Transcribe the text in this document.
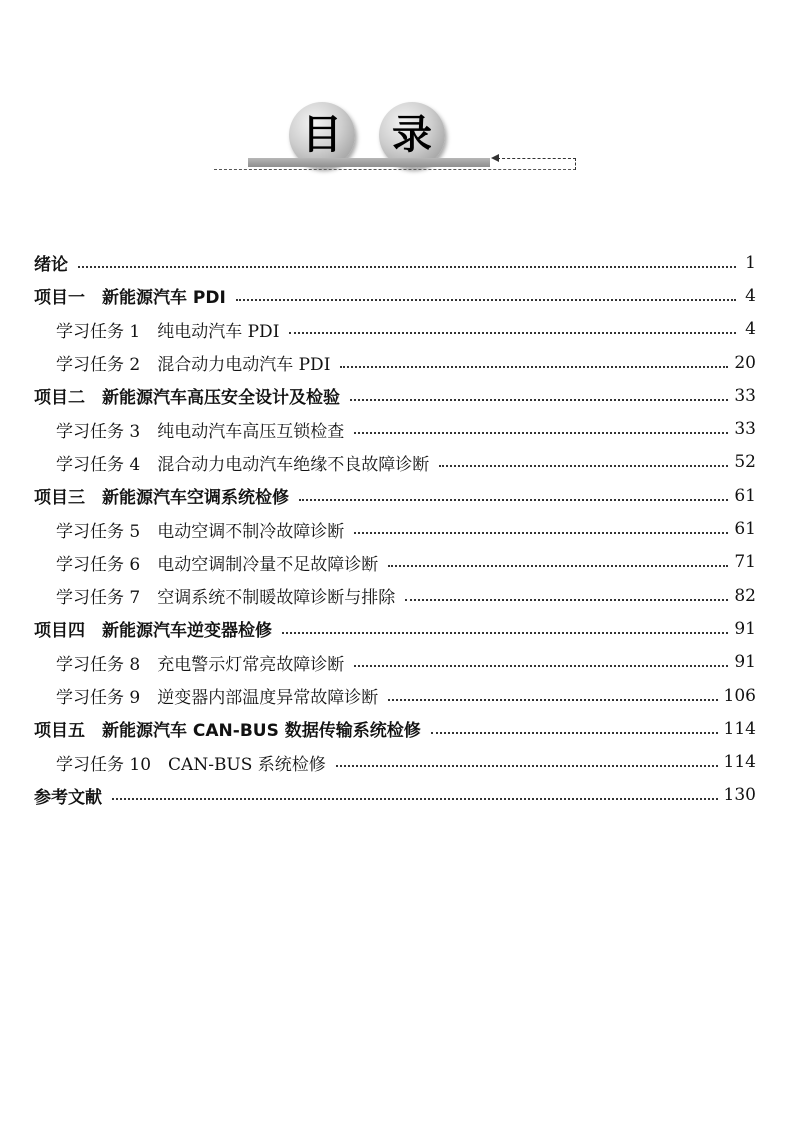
目 录
绪论	1
项目一　新能源汽车 PDI	4
学习任务 1　纯电动汽车 PDI	4
学习任务 2　混合动力电动汽车 PDI	20
项目二　新能源汽车高压安全设计及检验	33
学习任务 3　纯电动汽车高压互锁检查	33
学习任务 4　混合动力电动汽车绝缘不良故障诊断	52
项目三　新能源汽车空调系统检修	61
学习任务 5　电动空调不制冷故障诊断	61
学习任务 6　电动空调制冷量不足故障诊断	71
学习任务 7　空调系统不制暖故障诊断与排除	82
项目四　新能源汽车逆变器检修	91
学习任务 8　充电警示灯常亮故障诊断	91
学习任务 9　逆变器内部温度异常故障诊断	106
项目五　新能源汽车 CAN-BUS 数据传输系统检修	114
学习任务 10　CAN-BUS 系统检修	114
参考文献	130
